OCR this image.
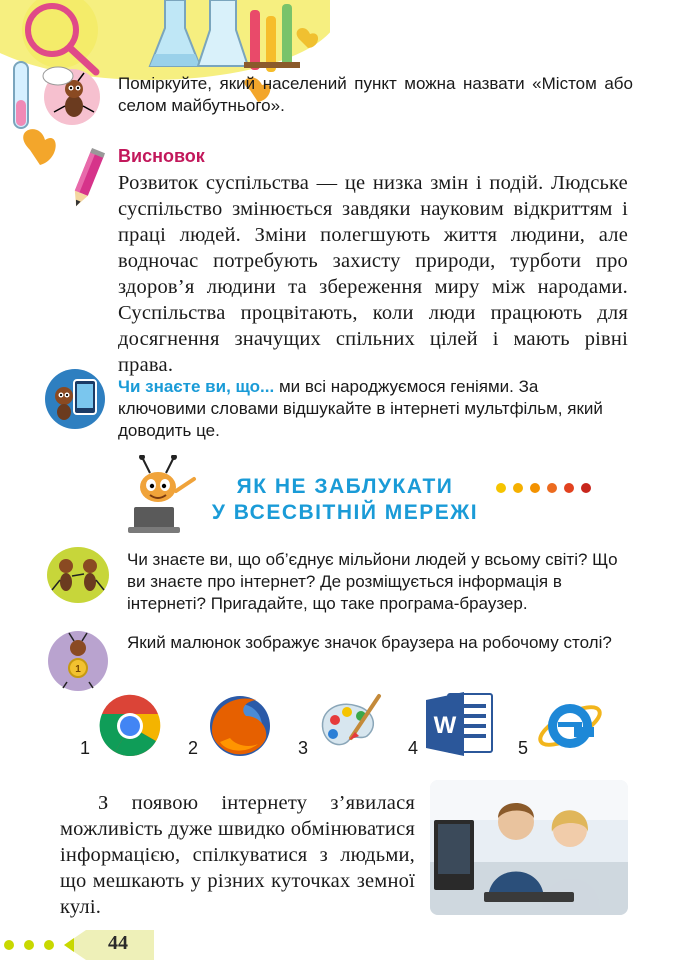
Поміркуйте, який населений пункт можна назвати «Містом або селом майбутнього».

Висновок

Розвиток суспільства — це низка змін і подій. Людське суспільство змінюється завдяки науковим відкриттям і праці людей. Зміни полегшують життя людини, але водночас потребують захисту природи, турботи про здоров’я людини та збереження миру між народами. Суспільства процвітають, коли люди працюють для досягнення значущих спільних цілей і мають рівні права.

Чи знаєте ви, що... ми всі народжуємося геніями. За ключовими словами відшукайте в інтернеті мультфільм, який доводить це.
ЯК НЕ ЗАБЛУКАТИ
У ВСЕСВІТНІЙ МЕРЕЖІ
Чи знаєте ви, що об’єднує мільйони людей у всьому світі? Що ви знаєте про інтернет? Де розміщується інформація в інтернеті? Пригадайте, що таке програма-браузер.
1
Який малюнок зображує значок браузера на робочому столі?
1	2	3	4
W
5

З появою інтернету з’явилася можливість дуже швидко обмінюватися інформацією, спілкуватися з людьми, що мешкають у різних куточках земної кулі.

44
